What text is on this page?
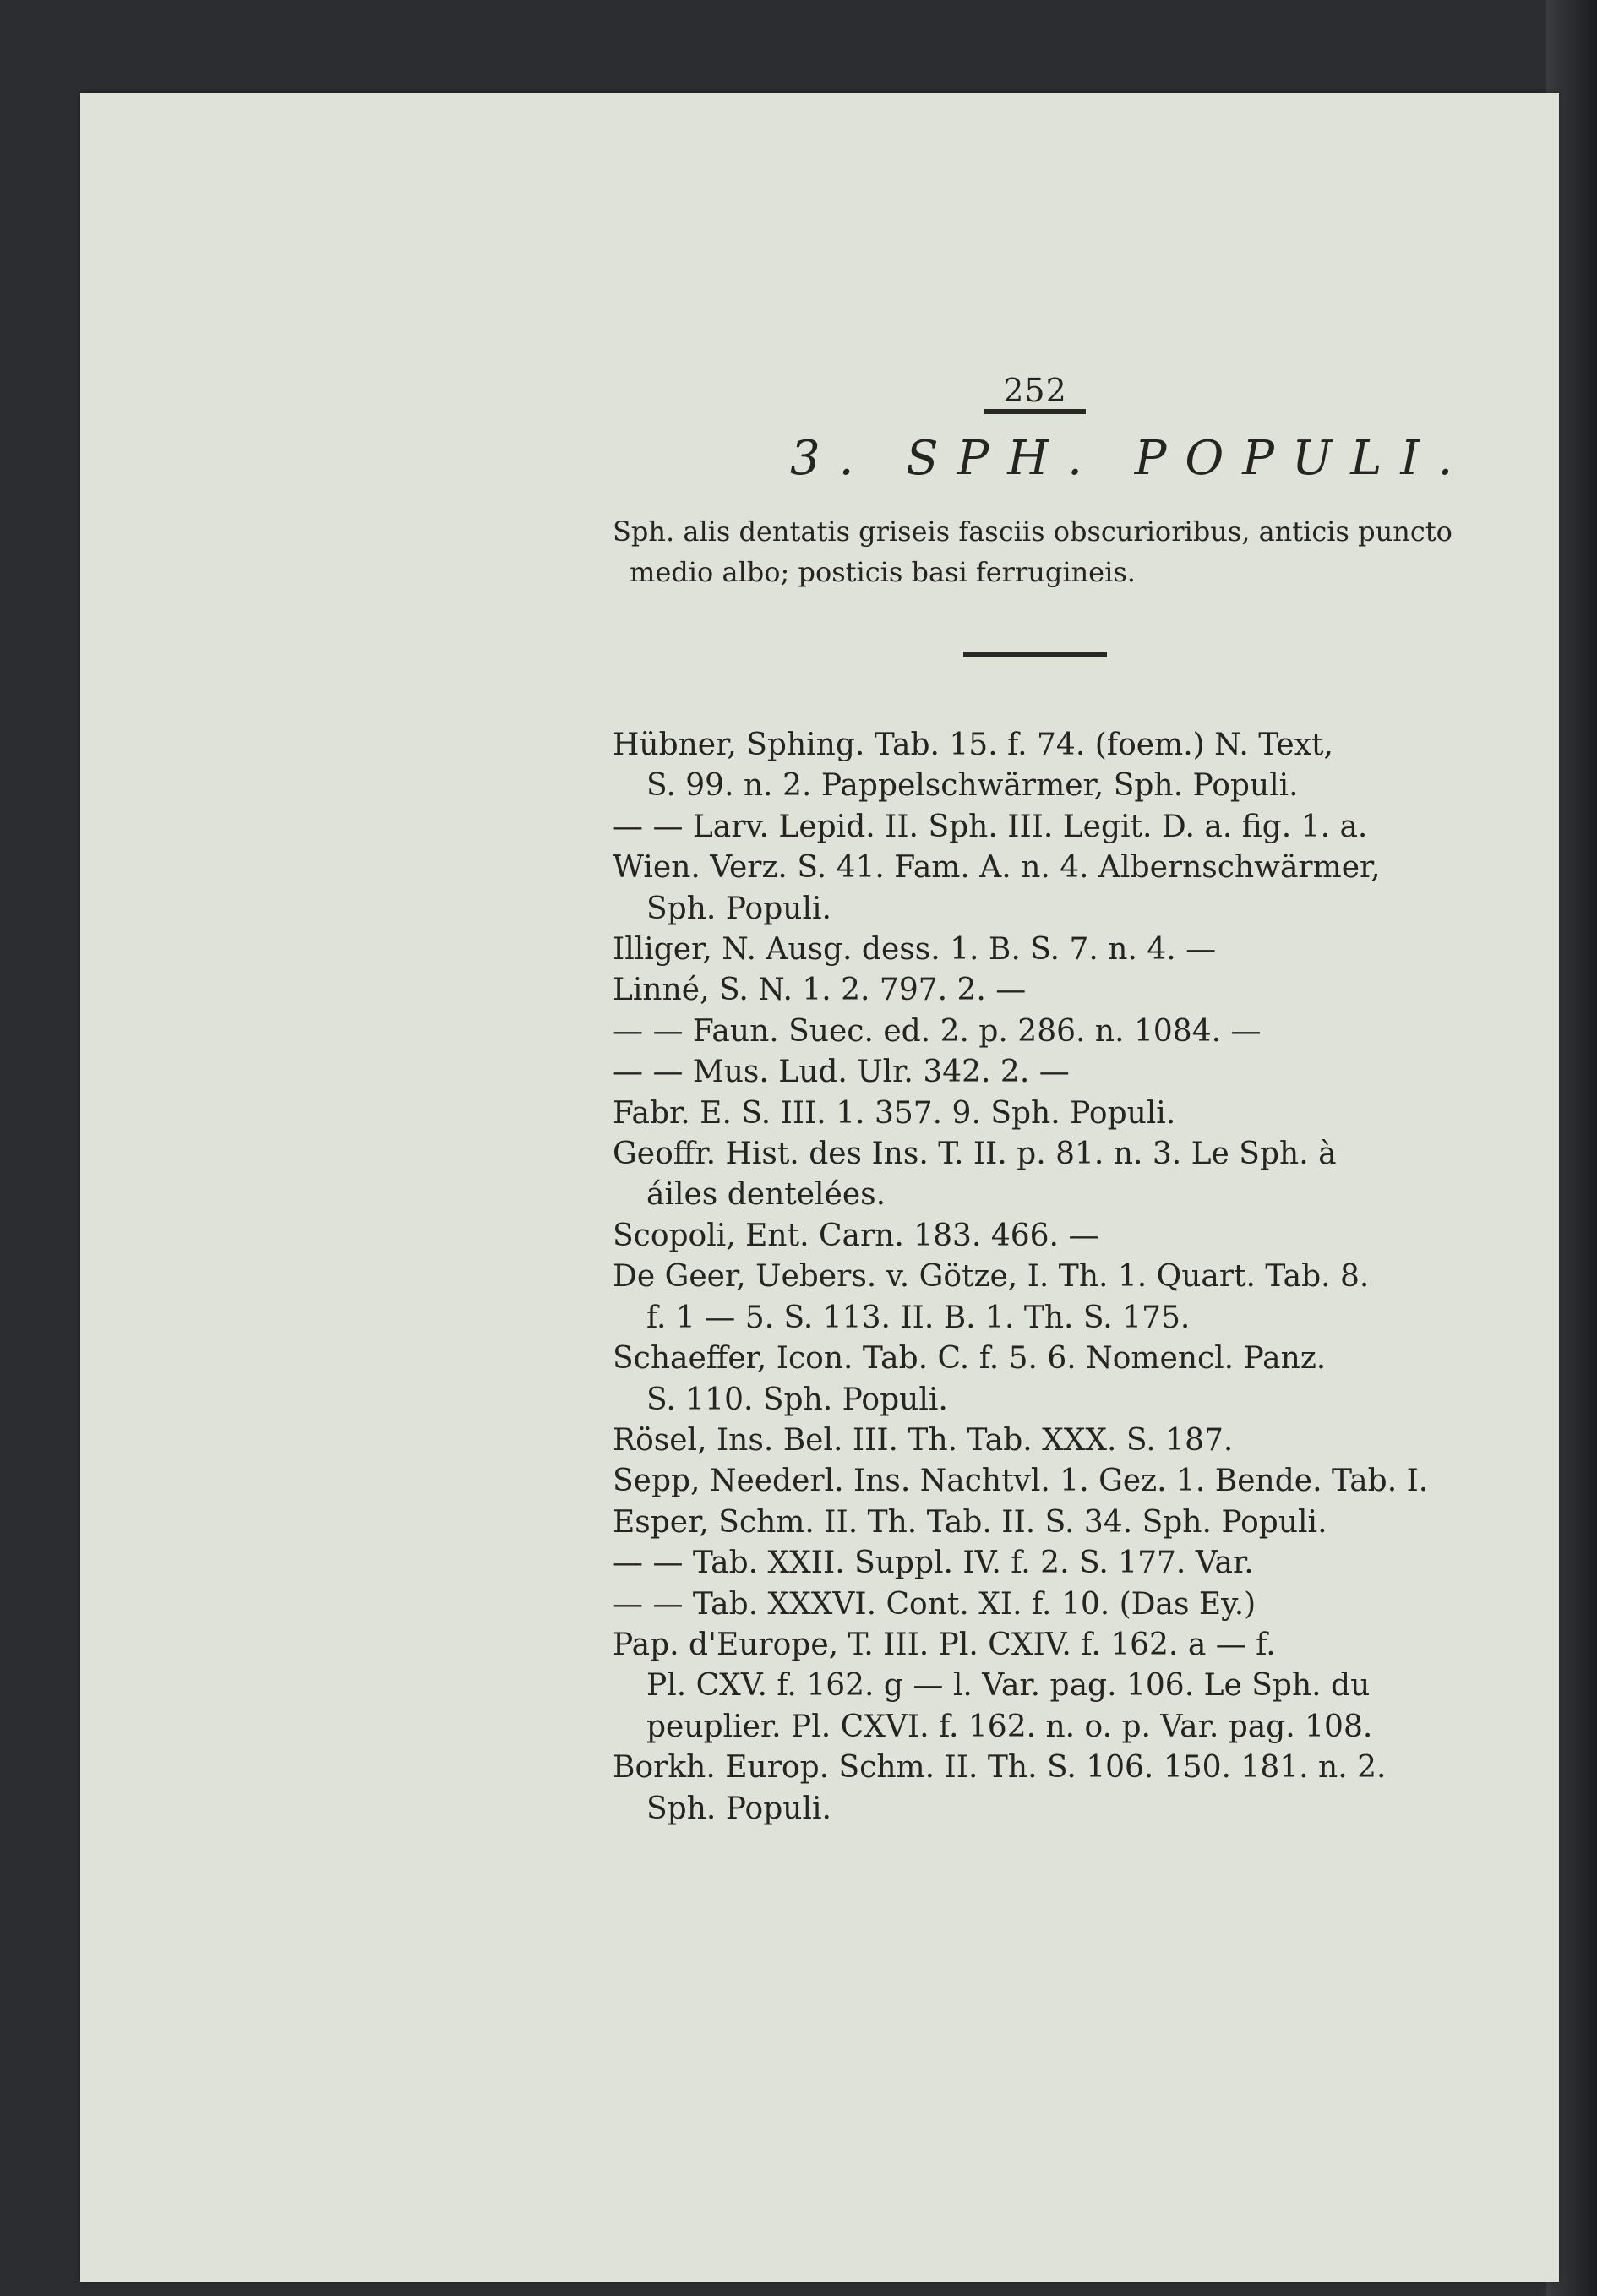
252
3. SPH. POPULI.
Sph. alis dentatis griseis fasciis obscurioribus, anticis puncto
medio albo; posticis basi ferrugineis.
Hübner, Sphing. Tab. 15. f. 74. (foem.) N. Text,
S. 99. n. 2. Pappelschwärmer, Sph. Populi.
— — Larv. Lepid. II. Sph. III. Legit. D. a. fig. 1. a.
Wien. Verz. S. 41. Fam. A. n. 4. Albernschwärmer,
Sph. Populi.
Illiger, N. Ausg. dess. 1. B. S. 7. n. 4. —
Linné, S. N. 1. 2. 797. 2. —
— — Faun. Suec. ed. 2. p. 286. n. 1084. —
— — Mus. Lud. Ulr. 342. 2. —
Fabr. E. S. III. 1. 357. 9. Sph. Populi.
Geoffr. Hist. des Ins. T. II. p. 81. n. 3. Le Sph. à
áiles dentelées.
Scopoli, Ent. Carn. 183. 466. —
De Geer, Uebers. v. Götze, I. Th. 1. Quart. Tab. 8.
f. 1 — 5. S. 113. II. B. 1. Th. S. 175.
Schaeffer, Icon. Tab. C. f. 5. 6. Nomencl. Panz.
S. 110. Sph. Populi.
Rösel, Ins. Bel. III. Th. Tab. XXX. S. 187.
Sepp, Neederl. Ins. Nachtvl. 1. Gez. 1. Bende. Tab. I.
Esper, Schm. II. Th. Tab. II. S. 34. Sph. Populi.
— — Tab. XXII. Suppl. IV. f. 2. S. 177. Var.
— — Tab. XXXVI. Cont. XI. f. 10. (Das Ey.)
Pap. d'Europe, T. III. Pl. CXIV. f. 162. a — f.
Pl. CXV. f. 162. g — l. Var. pag. 106. Le Sph. du
peuplier. Pl. CXVI. f. 162. n. o. p. Var. pag. 108.
Borkh. Europ. Schm. II. Th. S. 106. 150. 181. n. 2.
Sph. Populi.
